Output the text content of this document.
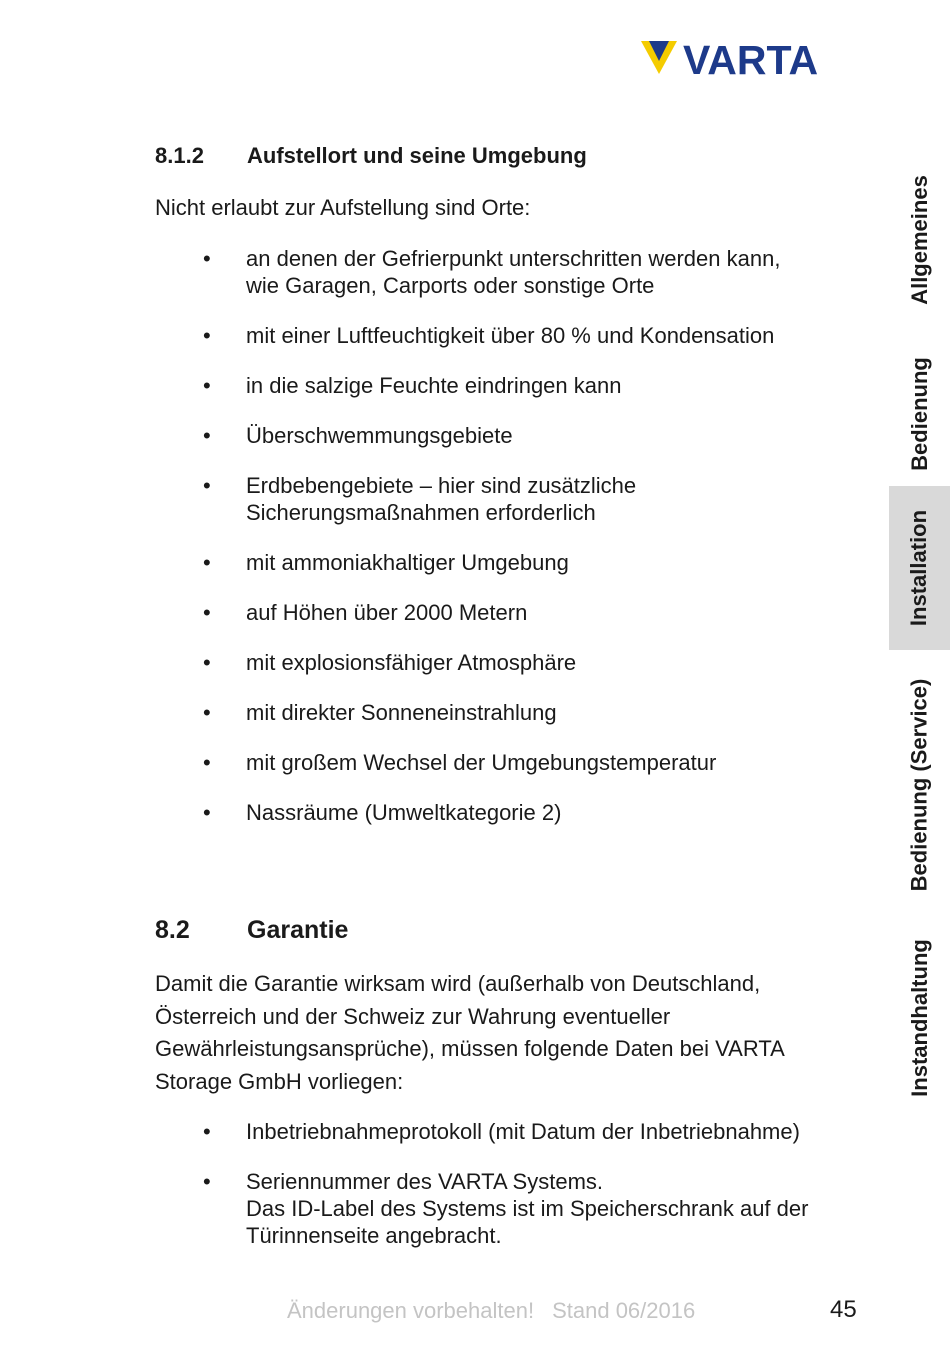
VARTA
8.1.2 Aufstellort und seine Umgebung
Nicht erlaubt zur Aufstellung sind Orte:
• an denen der Gefrierpunkt unterschritten werden kann,
wie Garagen, Carports oder sonstige Orte
• mit einer Luftfeuchtigkeit über 80 % und Kondensation
• in die salzige Feuchte eindringen kann
• Überschwemmungsgebiete
• Erdbebengebiete – hier sind zusätzliche
Sicherungsmaßnahmen erforderlich
• mit ammoniakhaltiger Umgebung
• auf Höhen über 2000 Metern
• mit explosionsfähiger Atmosphäre
• mit direkter Sonneneinstrahlung
• mit großem Wechsel der Umgebungstemperatur
• Nassräume (Umweltkategorie 2)
8.2 Garantie
Damit die Garantie wirksam wird (außerhalb von Deutschland,
Österreich und der Schweiz zur Wahrung eventueller
Gewährleistungsansprüche), müssen folgende Daten bei VARTA
Storage GmbH vorliegen:
• Inbetriebnahmeprotokoll (mit Datum der Inbetriebnahme)
• Seriennummer des VARTA Systems.
Das ID-Label des Systems ist im Speicherschrank auf der
Türinnenseite angebracht.
Allgemeines
Bedienung
Installation
Bedienung (Service)
Instandhaltung
Änderungen vorbehalten! Stand 06/2016	45
